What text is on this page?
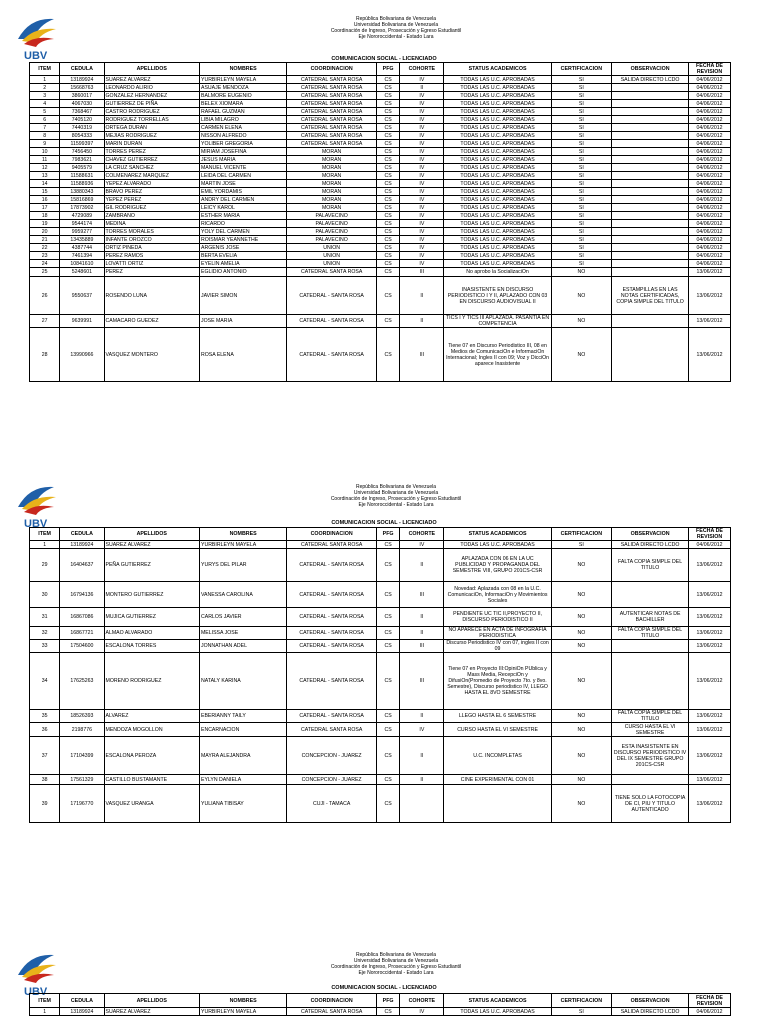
UBV
República Bolivariana de Venezuela
Universidad Bolivariana de Venezuela
Coordinación de Ingreso, Prosecución y Egreso Estudiantil
Eje Nororoccidental - Estado Lara
COMUNICACION SOCIAL - LICENCIADO
ITEM	CEDULA	APELLIDOS	NOMBRES	COORDINACION	PFG	COHORTE	STATUS ACADEMICOS	CERTIFICACION	OBSERVACION	FECHA DE REVISION
1	13189924	SUAREZ ALVAREZ	YURBIRLEYN MAYELA	CATEDRAL SANTA ROSA	CS	IV	TODAS LAS U.C. APROBADAS	SI	SALIDA DIRECTO LCDO	04/06/2012
2	15668763	LEONARDO ALIRIO	ASUAJE MENDOZA	CATEDRAL SANTA ROSA	CS	II	TODAS LAS U.C. APROBADAS	SI		04/06/2012
3	3860017	GONZALEZ HERNANDEZ	BALMORE EUGENIO	CATEDRAL SANTA ROSA	CS	IV	TODAS LAS U.C. APROBADAS	SI		04/06/2012
4	4067030	GUTIERREZ DE PIÑA	BELEX XIOMARA	CATEDRAL SANTA ROSA	CS	IV	TODAS LAS U.C. APROBADAS	SI		04/06/2012
5	7368467	CASTRO RODRIGUEZ	RAFAEL GUZMAN	CATEDRAL SANTA ROSA	CS	IV	TODAS LAS U.C. APROBADAS	SI		04/06/2012
6	7405120	RODRIGUEZ TORRELLAS	LIBIA MILAGRO	CATEDRAL SANTA ROSA	CS	IV	TODAS LAS U.C. APROBADAS	SI		04/06/2012
7	7440319	ORTEGA DURAN	CARMEN ELENA	CATEDRAL SANTA ROSA	CS	IV	TODAS LAS U.C. APROBADAS	SI		04/06/2012
8	8054333	MEJIAS RODRIGUEZ	NISSON ALFREDO	CATEDRAL SANTA ROSA	CS	IV	TODAS LAS U.C. APROBADAS	SI		04/06/2012
9	11599397	MARIN DURAN	YOLIBER GREGORIA	CATEDRAL SANTA ROSA	CS	IV	TODAS LAS U.C. APROBADAS	SI		04/06/2012
10	7456450	TORRES PEREZ	MIRIAM JOSEFINA	MORAN	CS	IV	TODAS LAS U.C. APROBADAS	SI		04/06/2012
11	7983621	CHAVEZ GUTIERREZ	JESUS MARIA	MORAN	CS	IV	TODAS LAS U.C. APROBADAS	SI		04/06/2012
12	9405579	LA CRUZ SANCHEZ	MANUEL VICENTE	MORAN	CS	IV	TODAS LAS U.C. APROBADAS	SI		04/06/2012
13	11588631	COLMENAREZ MARQUEZ	LEIDA DEL CARMEN	MORAN	CS	IV	TODAS LAS U.C. APROBADAS	SI		04/06/2012
14	11588936	YEPEZ ALVARADO	MARTIN JOSE	MORAN	CS	IV	TODAS LAS U.C. APROBADAS	SI		04/06/2012
15	13880343	BRAVO PEREZ	EMIL YORDAMIS	MORAN	CS	IV	TODAS LAS U.C. APROBADAS	SI		04/06/2012
16	15816869	YEPEZ PEREZ	ANDRY DEL CARMEN	MORAN	CS	IV	TODAS LAS U.C. APROBADAS	SI		04/06/2012
17	17873902	GIL RODRIGUEZ	LEICY KAROL	MORAN	CS	IV	TODAS LAS U.C. APROBADAS	SI		04/06/2012
18	4729089	ZAMBRANO	ESTHER MARIA	PALAVECINO	CS	IV	TODAS LAS U.C. APROBADAS	SI		04/06/2012
19	9544174	MEDINA	RICARDO	PALAVECINO	CS	IV	TODAS LAS U.C. APROBADAS	SI		04/06/2012
20	9959277	TORRES MORALES	YOLY DEL CARMEN	PALAVECINO	CS	IV	TODAS LAS U.C. APROBADAS	SI		04/06/2012
21	13435889	INFANTE OROZCO	ROISMAR YEANNETHE	PALAVECINO	CS	IV	TODAS LAS U.C. APROBADAS	SI		04/06/2012
22	4387744	ORTIZ PINEDA	ARGENIS JOSE	UNION	CS	IV	TODAS LAS U.C. APROBADAS	SI		04/06/2012
23	7461394	PEREZ RAMOS	BERTA EVELIA	UNION	CS	IV	TODAS LAS U.C. APROBADAS	SI		04/06/2012
24	10841610	LOVATTI ORTIZ	EYELIN AMELIA	UNION	CS	IV	TODAS LAS U.C. APROBADAS	SI		04/06/2012
25	5248601	PEREZ	EGLIDIO ANTONIO	CATEDRAL SANTA ROSA	CS	III	No aprobo la SocializaciOn	NO		13/06/2012
26	9550637	ROSENDO LUNA	JAVIER SIMON	CATEDRAL - SANTA ROSA	CS	II	INASISTENTE EN DISCURSO PERIODISTICO I Y II, APLAZADO CON 03 EN DISCURSO AUDIOVISUAL II	NO	ESTAMPILLAS EN LAS NOTAS CERTIFICADAS, COPIA SIMPLE DEL TITULO	13/06/2012
27	9639991	CAMACARO GUEDEZ	JOSE MARIA	CATEDRAL - SANTA ROSA	CS	II	TICS I Y TICS III APLAZADA. PASANTIA EN COMPETENCIA	NO		13/06/2012
28	13990966	VASQUEZ MONTERO	ROSA ELENA	CATEDRAL - SANTA ROSA	CS	III	Tiene 07 en Discurso Periodistico III, 08 en Medios de ComunicaciOn e InformaciOn Internacional; Ingles II con 09; Voz y DicciOn aparece Inasistente	NO		13/06/2012
UBV
República Bolivariana de Venezuela
Universidad Bolivariana de Venezuela
Coordinación de Ingreso, Prosecución y Egreso Estudiantil
Eje Nororoccidental - Estado Lara
COMUNICACION SOCIAL - LICENCIADO
ITEM	CEDULA	APELLIDOS	NOMBRES	COORDINACION	PFG	COHORTE	STATUS ACADEMICOS	CERTIFICACION	OBSERVACION	FECHA DE REVISION
1	13189924	SUAREZ ALVAREZ	YURBIRLEYN MAYELA	CATEDRAL SANTA ROSA	CS	IV	TODAS LAS U.C. APROBADAS	SI	SALIDA DIRECTO LCDO	04/06/2012
29	16404637	PEÑA GUTIERREZ	YURYS DEL PILAR	CATEDRAL - SANTA ROSA	CS	II	APLAZADA CON 06 EN LA UC PUBLICIDAD Y PROPAGANDA DEL SEMESTRE VIII, GRUPO 201CS-CSR	NO	FALTA COPIA SIMPLE DEL TITULO	13/06/2012
30	16794136	MONTERO GUTIERREZ	VANESSA CAROLINA	CATEDRAL - SANTA ROSA	CS	III	Novedad: Aplazada con 08 en la U.C. ComunicaciOn, InformaciOn y Movimientos Sociales	NO		13/06/2012
31	16867086	MUJICA GUTIERREZ	CARLOS JAVIER	CATEDRAL - SANTA ROSA	CS	II	PENDIENTE UC TIC II,PROYECTO II, DISCURSO PERIODISTICO II	NO	AUTENTICAR NOTAS DE BACHILLER	13/06/2012
32	16867721	ALMAO ALVARADO	MELISSA JOSE	CATEDRAL - SANTA ROSA	CS	II	NO APARECE EN ACTA DE INFOGRAFIA PERIODISTICA	NO	FALTA COPIA SIMPLE DEL TITULO	13/06/2012
33	17504600	ESCALONA TORRES	JONNATHAN ADEL	CATEDRAL - SANTA ROSA	CS	III	Discurso Periodistico IV con 07, ingles II con 09	NO		13/06/2012
34	17625263	MORENO RODRIGUEZ	NATALY KARINA	CATEDRAL - SANTA ROSA	CS	III	Tiene 07 en Proyecto III:OpiniOn PUblica y Mass Media, RecepciOn y DifusiOn(Promedio de Proyecto 7to. y 8vo. Semestre), Discurso periodistico IV, LLEGO HASTA EL 8VO SEMESTRE	NO		13/06/2012
35	18526393	ALVAREZ	EBERIANNY TAILY	CATEDRAL - SANTA ROSA	CS	II	LLEGO HASTA EL 6 SEMESTRE	NO	FALTA COPIA SIMPLE DEL TITULO	13/06/2012
36	2198776	MENDOZA MOGOLLON	ENCARNACION	CATEDRAL SANTA ROSA	CS	IV	CURSO HASTA EL VI SEMESTRE	NO	CURSO HASTA EL VI SEMESTRE	13/06/2012
37	17104399	ESCALONA PEROZA	MAYRA ALEJANDRA	CONCEPCION - JUAREZ	CS	II	U.C. INCOMPLETAS	NO	ESTA INASISTENTE EN DISCURSO PERIODISTICO IV DEL IX SEMESTRE GRUPO 201CS-CSR	13/06/2012
38	17561329	CASTILLO BUSTAMANTE	EYLYN DANIELA	CONCEPCION - JUAREZ	CS	II	CINE EXPERIMENTAL CON 01	NO		13/06/2012
39	17196770	VASQUEZ URANGA	YULIANA TIBISAY	CUJI - TAMACA	CS			NO	TIENE SOLO LA FOTOCOPIA DE CI, PIU Y TITULO AUTENTICADO	13/06/2012
UBV
República Bolivariana de Venezuela
Universidad Bolivariana de Venezuela
Coordinación de Ingreso, Prosecución y Egreso Estudiantil
Eje Nororoccidental - Estado Lara
COMUNICACION SOCIAL - LICENCIADO
ITEM	CEDULA	APELLIDOS	NOMBRES	COORDINACION	PFG	COHORTE	STATUS ACADEMICOS	CERTIFICACION	OBSERVACION	FECHA DE REVISION
1	13189924	SUAREZ ALVAREZ	YURBIRLEYN MAYELA	CATEDRAL SANTA ROSA	CS	IV	TODAS LAS U.C. APROBADAS	SI	SALIDA DIRECTO LCDO	04/06/2012
